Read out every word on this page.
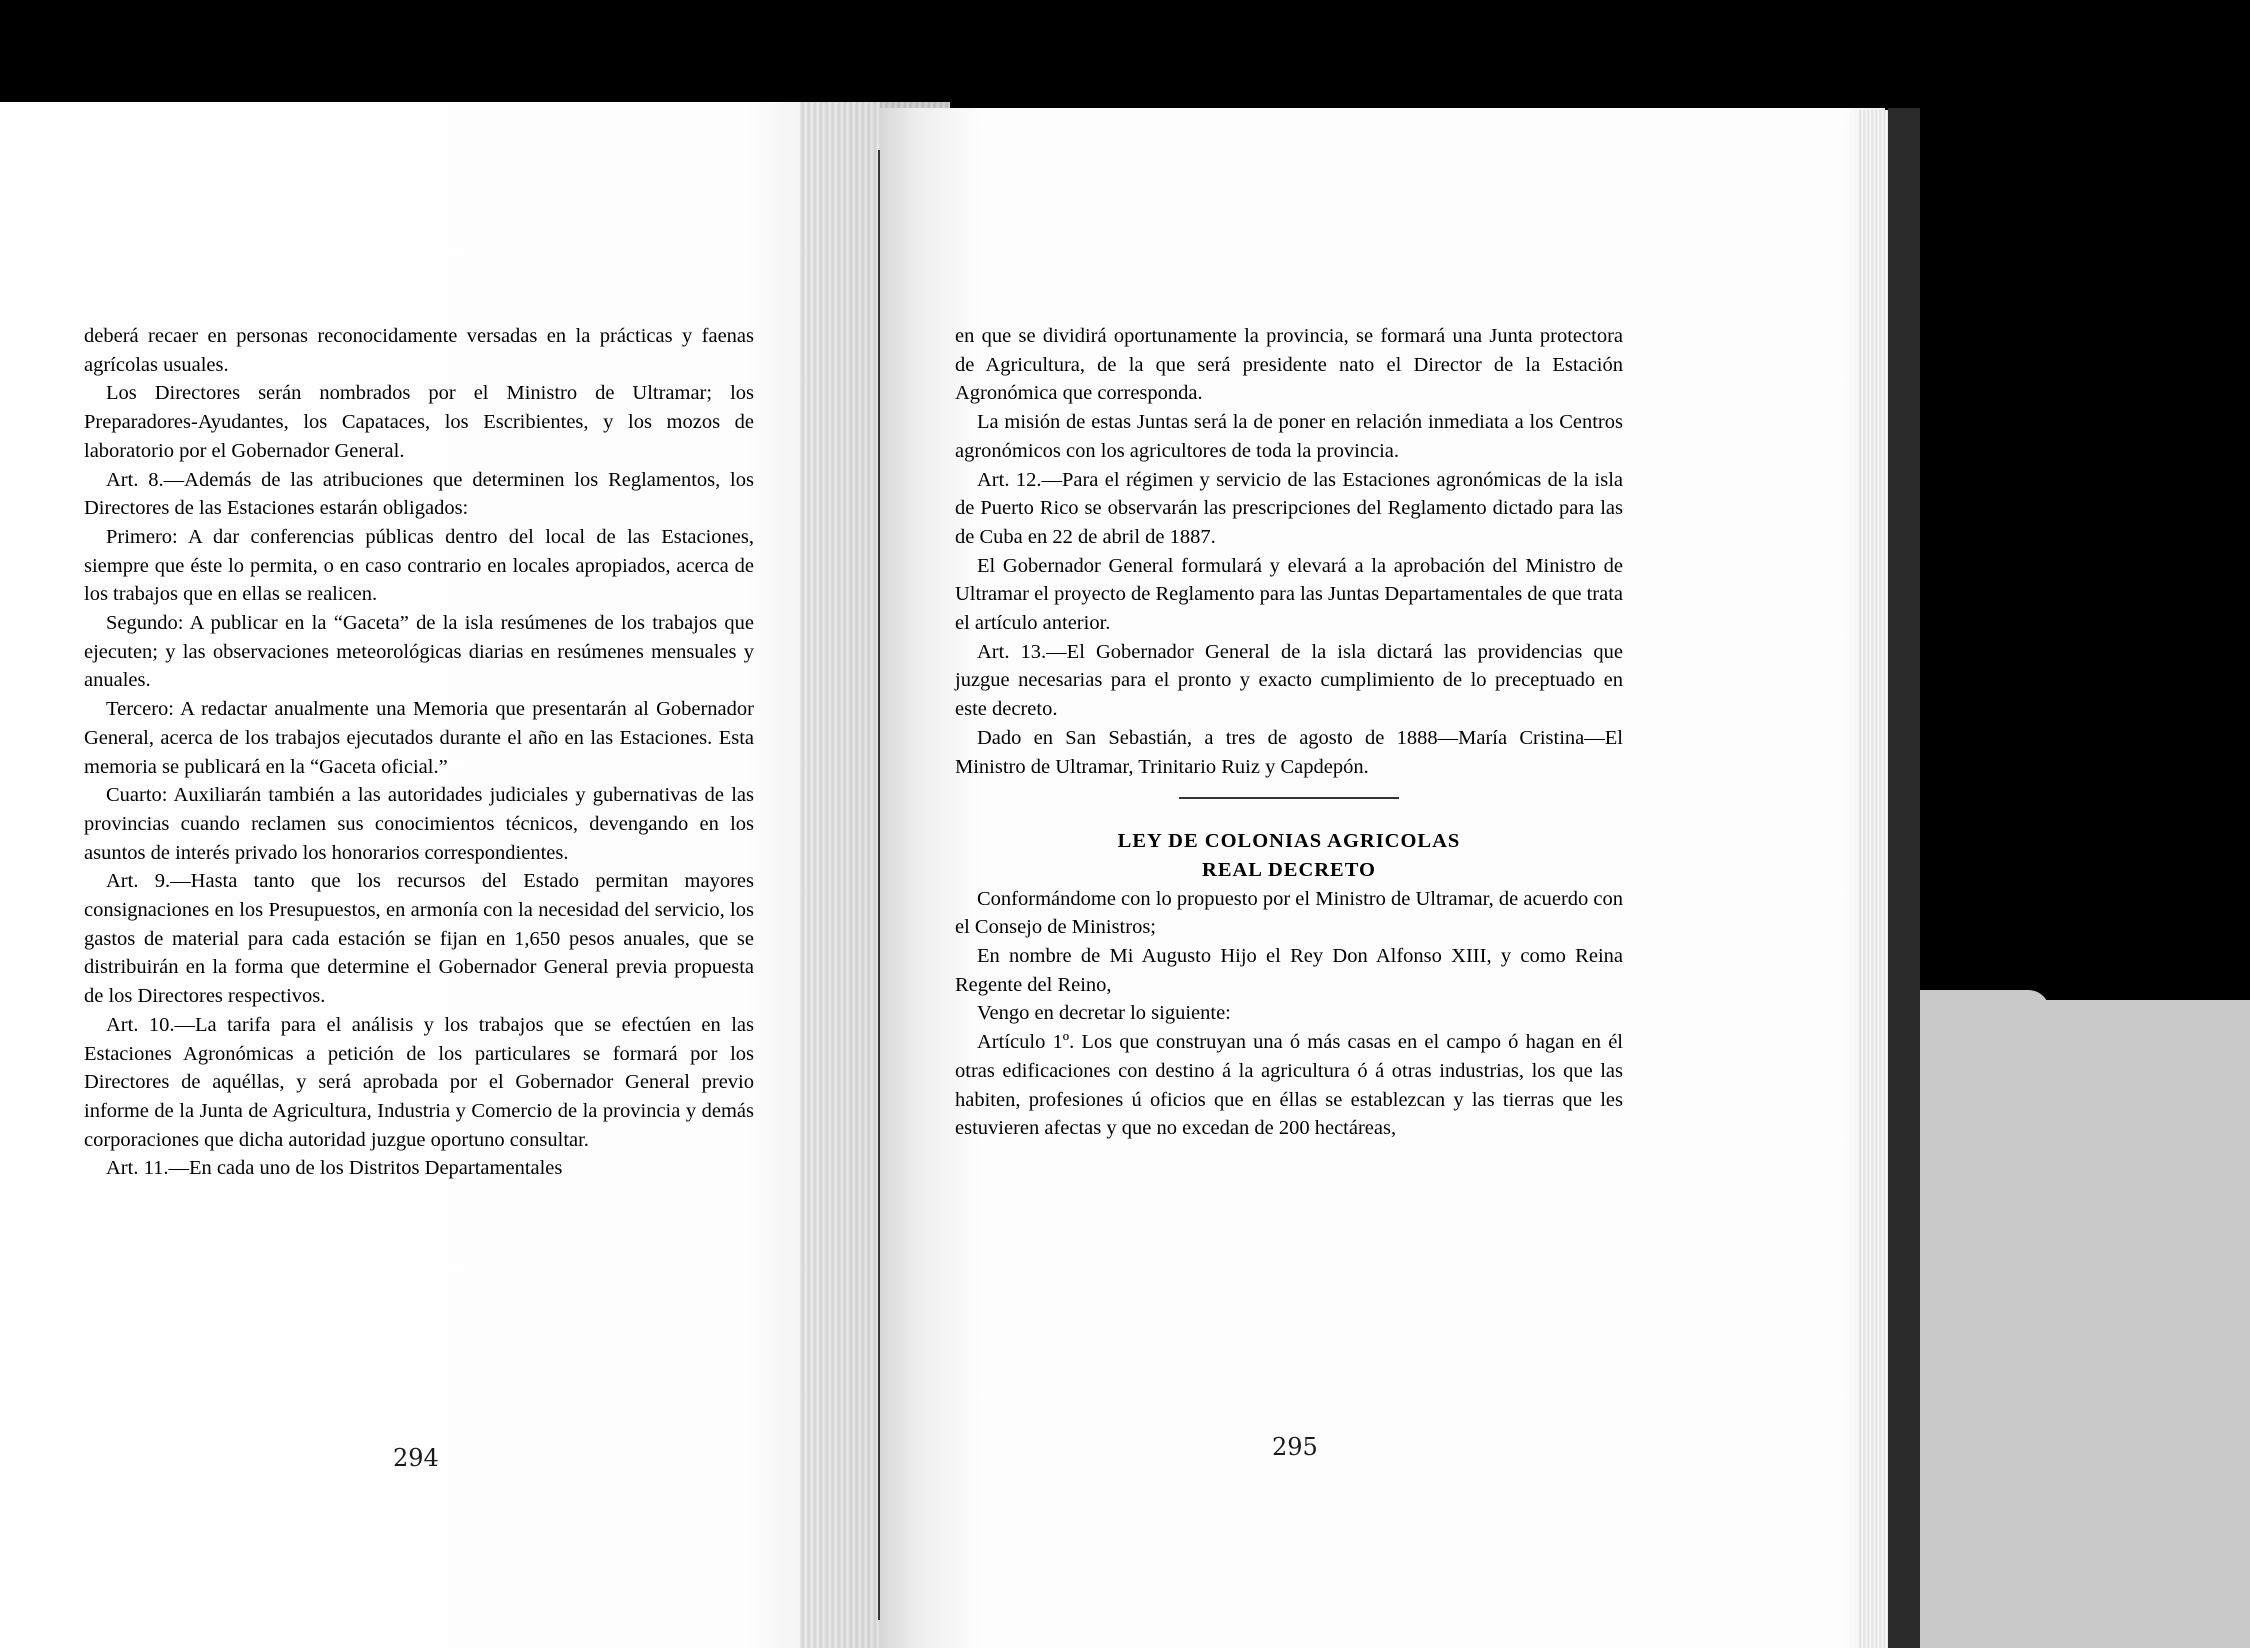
deberá recaer en personas reconocidamente versadas en la prácticas y faenas agrícolas usuales.

Los Directores serán nombrados por el Ministro de Ultramar; los Preparadores-Ayudantes, los Capataces, los Escribientes, y los mozos de laboratorio por el Gobernador General.

Art. 8.—Además de las atribuciones que determinen los Reglamentos, los Directores de las Estaciones estarán obligados:

Primero: A dar conferencias públicas dentro del local de las Estaciones, siempre que éste lo permita, o en caso contrario en locales apropiados, acerca de los trabajos que en ellas se realicen.

Segundo: A publicar en la “Gaceta” de la isla resúmenes de los trabajos que ejecuten; y las observaciones meteorológicas diarias en resúmenes mensuales y anuales.

Tercero: A redactar anualmente una Memoria que presentarán al Gobernador General, acerca de los trabajos ejecutados durante el año en las Estaciones. Esta memoria se publicará en la “Gaceta oficial.”

Cuarto: Auxiliarán también a las autoridades judiciales y gubernativas de las provincias cuando reclamen sus conocimientos técnicos, devengando en los asuntos de interés privado los honorarios correspondientes.

Art. 9.—Hasta tanto que los recursos del Estado permitan mayores consignaciones en los Presupuestos, en armonía con la necesidad del servicio, los gastos de material para cada estación se fijan en 1,650 pesos anuales, que se distribuirán en la forma que determine el Gobernador General previa propuesta de los Directores respectivos.

Art. 10.—La tarifa para el análisis y los trabajos que se efectúen en las Estaciones Agronómicas a petición de los particulares se formará por los Directores de aquéllas, y será aprobada por el Gobernador General previo informe de la Junta de Agricultura, Industria y Comercio de la provincia y demás corporaciones que dicha autoridad juzgue oportuno consultar.

Art. 11.—En cada uno de los Distritos Departamentales

294

en que se dividirá oportunamente la provincia, se formará una Junta protectora de Agricultura, de la que será presidente nato el Director de la Estación Agronómica que corresponda.

La misión de estas Juntas será la de poner en relación inmediata a los Centros agronómicos con los agricultores de toda la provincia.

Art. 12.—Para el régimen y servicio de las Estaciones agronómicas de la isla de Puerto Rico se observarán las prescripciones del Reglamento dictado para las de Cuba en 22 de abril de 1887.

El Gobernador General formulará y elevará a la aprobación del Ministro de Ultramar el proyecto de Reglamento para las Juntas Departamentales de que trata el artículo anterior.

Art. 13.—El Gobernador General de la isla dictará las providencias que juzgue necesarias para el pronto y exacto cumplimiento de lo preceptuado en este decreto.

Dado en San Sebastián, a tres de agosto de 1888—María Cristina—El Ministro de Ultramar, Trinitario Ruiz y Capdepón.

LEY DE COLONIAS AGRICOLAS

REAL DECRETO

Conformándome con lo propuesto por el Ministro de Ultramar, de acuerdo con el Consejo de Ministros;

En nombre de Mi Augusto Hijo el Rey Don Alfonso XIII, y como Reina Regente del Reino,

Vengo en decretar lo siguiente:

Artículo 1º. Los que construyan una ó más casas en el campo ó hagan en él otras edificaciones con destino á la agricultura ó á otras industrias, los que las habiten, profesiones ú oficios que en éllas se establezcan y las tierras que les estuvieren afectas y que no excedan de 200 hectáreas,

295
